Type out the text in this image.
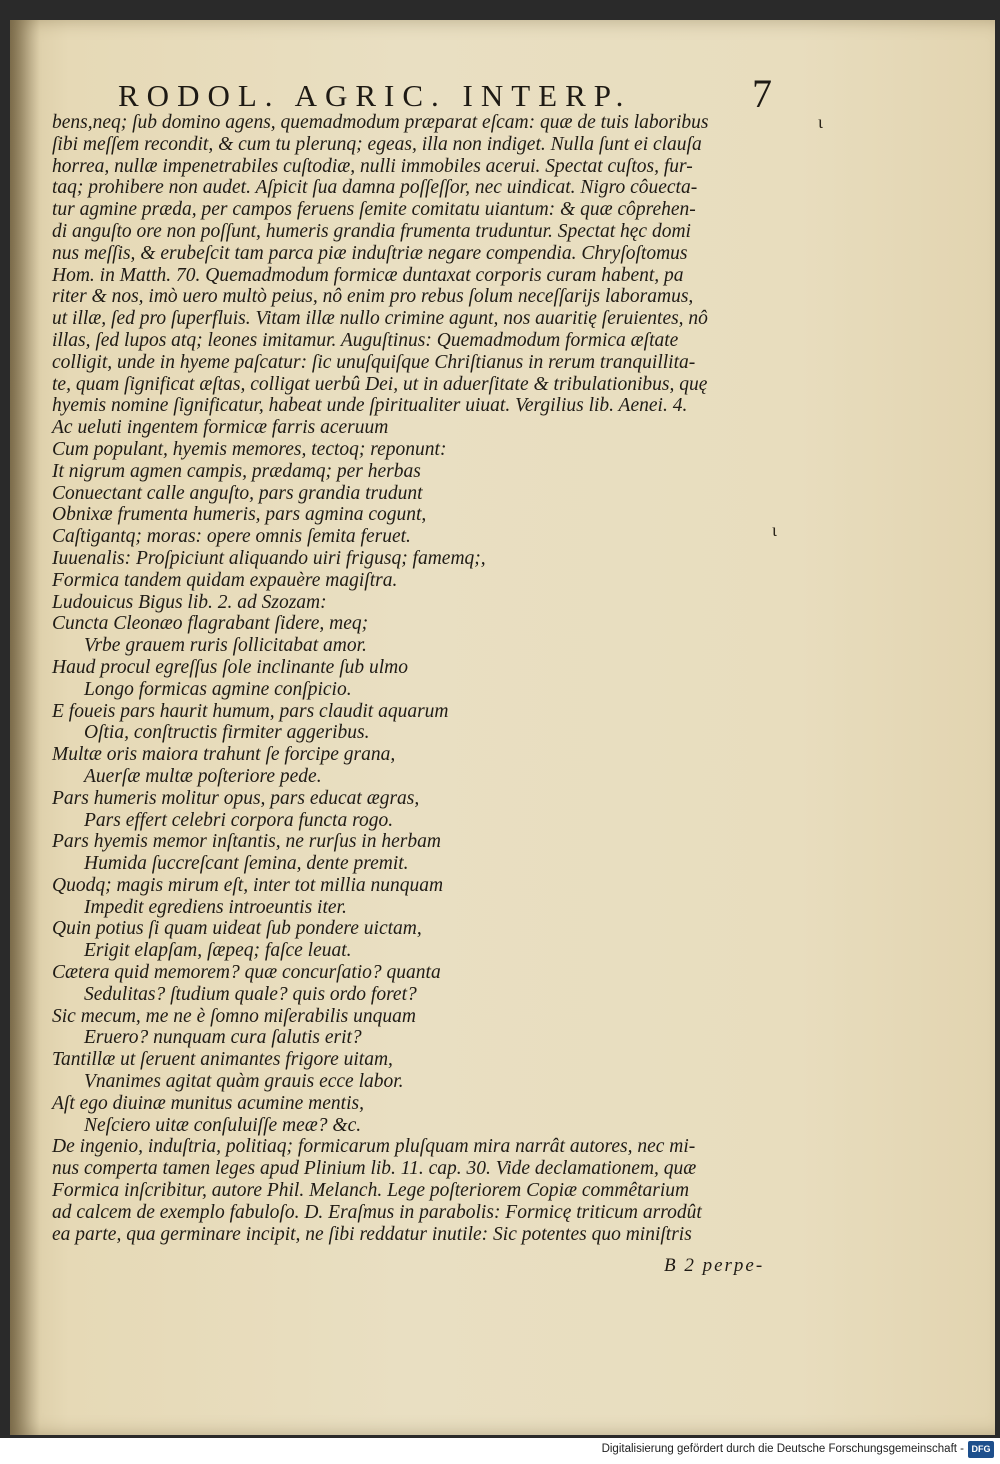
RODOL. AGRIC. INTERP.	7
bens,neq; ſub domino agens, quemadmodum præparat eſcam: quæ de tuis laboribus
ſibi meſſem recondit, & cum tu plerunq; egeas, illa non indiget. Nulla ſunt ei clauſa
horrea, nullæ impenetrabiles cuſtodiæ, nulli immobiles acerui. Spectat cuſtos, fur-
taq; prohibere non audet. Aſpicit ſua damna poſſeſſor, nec uindicat. Nigro côuecta-
tur agmine præda, per campos feruens ſemite comitatu uiantum: & quæ côprehen-
di anguſto ore non poſſunt, humeris grandia frumenta truduntur. Spectat hęc domi
nus meſſis, & erubeſcit tam parca piæ induſtriæ negare compendia. Chryſoſtomus
Hom. in Matth. 70. Quemadmodum formicæ duntaxat corporis curam habent, pa
riter & nos, imò uero multò peius, nô enim pro rebus ſolum neceſſarijs laboramus,
ut illæ, ſed pro ſuperfluis. Vitam illæ nullo crimine agunt, nos auaritię ſeruientes, nô
illas, ſed lupos atq; leones imitamur. Auguſtinus: Quemadmodum formica æſtate
colligit, unde in hyeme paſcatur: ſic unuſquiſque Chriſtianus in rerum tranquillita-
te, quam ſignificat æſtas, colligat uerbû Dei, ut in aduerſitate & tribulationibus, quę
hyemis nomine ſignificatur, habeat unde ſpiritualiter uiuat. Vergilius lib. Aenei. 4.
Ac ueluti ingentem formicæ farris aceruum
Cum populant, hyemis memores, tectoq; reponunt:
It nigrum agmen campis, prædamq; per herbas
Conuectant calle anguſto, pars grandia trudunt
Obnixæ frumenta humeris, pars agmina cogunt,
Caſtigantq; moras: opere omnis ſemita feruet.
Iuuenalis: Proſpiciunt aliquando uiri frigusq; famemq;,
Formica tandem quidam expauère magiſtra.
Ludouicus Bigus lib. 2. ad Szozam:
Cuncta Cleonæo flagrabant ſidere, meq;
Vrbe grauem ruris ſollicitabat amor.
Haud procul egreſſus ſole inclinante ſub ulmo
Longo formicas agmine conſpicio.
E foueis pars haurit humum, pars claudit aquarum
Oſtia, conſtructis firmiter aggeribus.
Multæ oris maiora trahunt ſe forcipe grana,
Auerſæ multæ poſteriore pede.
Pars humeris molitur opus, pars educat ægras,
Pars effert celebri corpora functa rogo.
Pars hyemis memor inſtantis, ne rurſus in herbam
Humida ſuccreſcant ſemina, dente premit.
Quodq; magis mirum eſt, inter tot millia nunquam
Impedit egrediens introeuntis iter.
Quin potius ſi quam uideat ſub pondere uictam,
Erigit elapſam, ſæpeq; faſce leuat.
Cætera quid memorem? quæ concurſatio? quanta
Sedulitas? ſtudium quale? quis ordo foret?
Sic mecum, me ne è ſomno miſerabilis unquam
Eruero? nunquam cura ſalutis erit?
Tantillæ ut ſeruent animantes frigore uitam,
Vnanimes agitat quàm grauis ecce labor.
Aſt ego diuinæ munitus acumine mentis,
Neſciero uitæ conſuluiſſe meæ? &c.
De ingenio, induſtria, politiaq; formicarum pluſquam mira narrât autores, nec mi-
nus comperta tamen leges apud Plinium lib. 11. cap. 30. Vide declamationem, quæ
Formica inſcribitur, autore Phil. Melanch. Lege poſteriorem Copiæ commêtarium
ad calcem de exemplo fabuloſo. D. Eraſmus in parabolis: Formicę triticum arrodût
ea parte, qua germinare incipit, ne ſibi reddatur inutile: Sic potentes quo miniſtris
ɩ
ɩ
B 2 perpe-
Digitalisierung gefördert durch die Deutsche Forschungsgemeinschaft - DFG
